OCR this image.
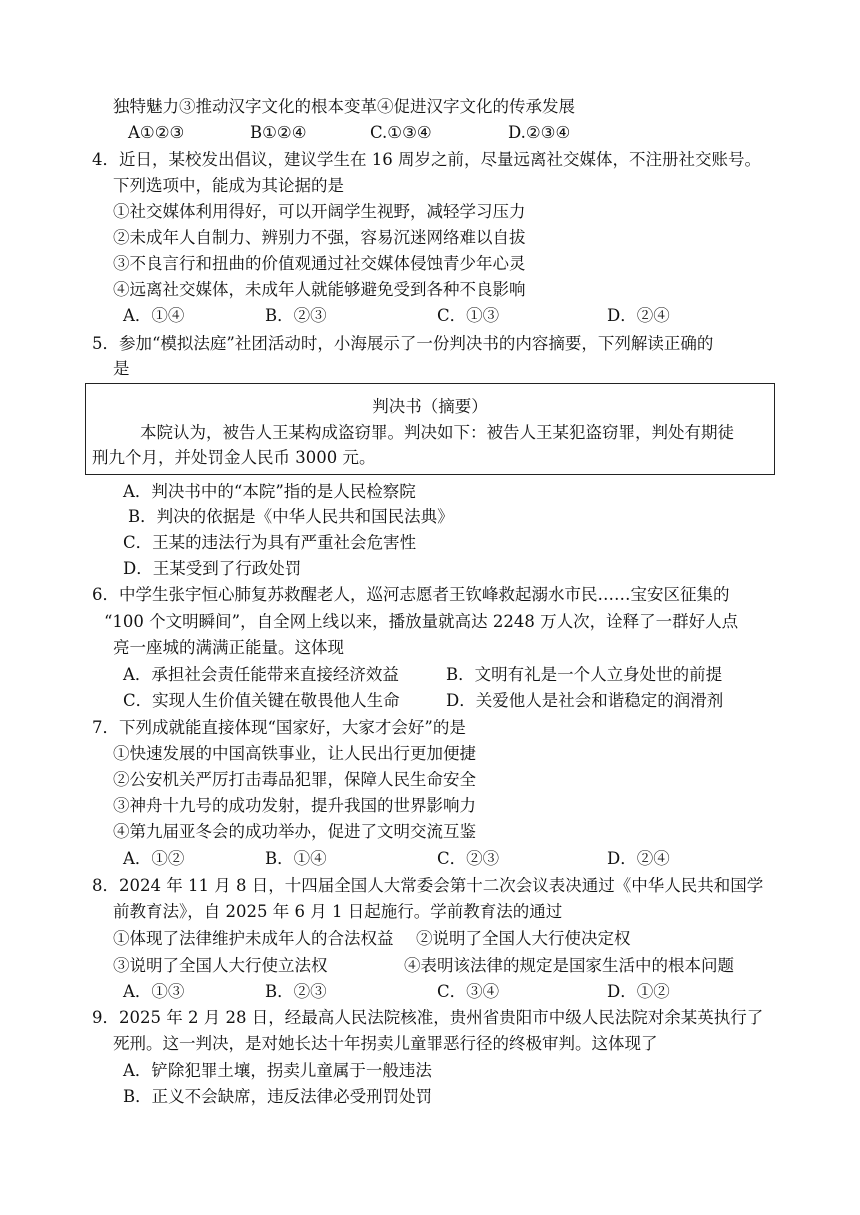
独特魅力③推动汉字文化的根本变革④促进汉字文化的传承发展
A①②③	B①②④	C.①③④	D.②③④
4．近日，某校发出倡议，建议学生在 16 周岁之前，尽量远离社交媒体，不注册社交账号。
下列选项中，能成为其论据的是
①社交媒体利用得好，可以开阔学生视野，减轻学习压力
②未成年人自制力、辨别力不强，容易沉迷网络难以自拔
③不良言行和扭曲的价值观通过社交媒体侵蚀青少年心灵
④远离社交媒体，未成年人就能够避免受到各种不良影响
A．①④	B．②③	C．①③	D．②④
5．参加“模拟法庭”社团活动时，小海展示了一份判决书的内容摘要，下列解读正确的
是
判决书（摘要）
本院认为，被告人王某构成盗窃罪。判决如下：被告人王某犯盗窃罪，判处有期徒
刑九个月，并处罚金人民币 3000 元。
A．判决书中的“本院”指的是人民检察院
B．判决的依据是《中华人民共和国民法典》
C．王某的违法行为具有严重社会危害性
D．王某受到了行政处罚
6．中学生张宇恒心肺复苏救醒老人，巡河志愿者王钦峰救起溺水市民……宝安区征集的
“100 个文明瞬间”，自全网上线以来，播放量就高达 2248 万人次，诠释了一群好人点
亮一座城的满满正能量。这体现
A．承担社会责任能带来直接经济效益	B．文明有礼是一个人立身处世的前提
C．实现人生价值关键在敬畏他人生命	D．关爱他人是社会和谐稳定的润滑剂
7．下列成就能直接体现“国家好，大家才会好”的是
①快速发展的中国高铁事业，让人民出行更加便捷
②公安机关严厉打击毒品犯罪，保障人民生命安全
③神舟十九号的成功发射，提升我国的世界影响力
④第九届亚冬会的成功举办，促进了文明交流互鉴
A．①②	B．①④	C．②③	D．②④
8．2024 年 11 月 8 日，十四届全国人大常委会第十二次会议表决通过《中华人民共和国学
前教育法》，自 2025 年 6 月 1 日起施行。学前教育法的通过
①体现了法律维护未成年人的合法权益 ②说明了全国人大行使决定权
③说明了全国人大行使立法权	④表明该法律的规定是国家生活中的根本问题
A．①③	B．②③	C．③④	D．①②
9．2025 年 2 月 28 日，经最高人民法院核准，贵州省贵阳市中级人民法院对余某英执行了
死刑。这一判决，是对她长达十年拐卖儿童罪恶行径的终极审判。这体现了
A．铲除犯罪土壤，拐卖儿童属于一般违法
B．正义不会缺席，违反法律必受刑罚处罚
